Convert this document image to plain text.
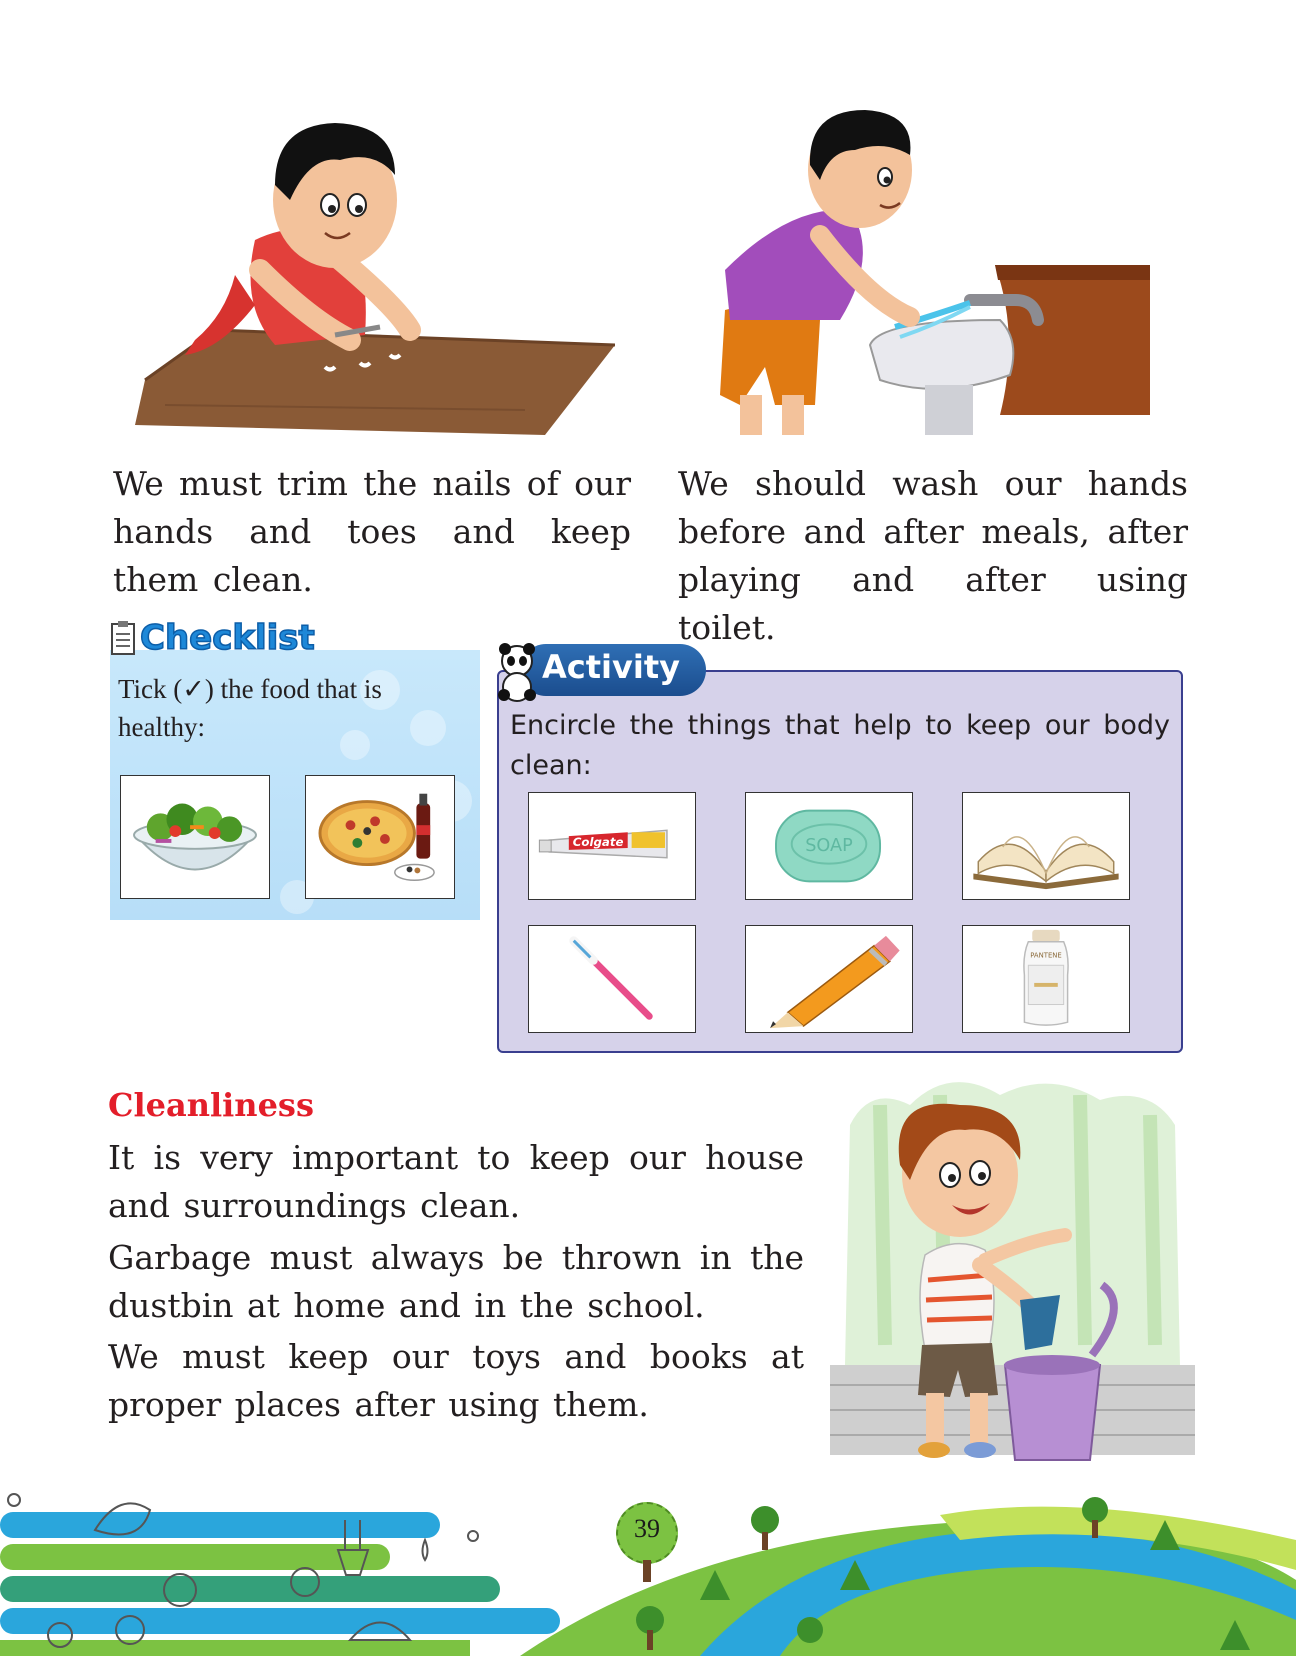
We must trim the nails of our hands and toes and keep them clean.

We should wash our hands before and after meals, after playing and after using toilet.

Checklist

Tick (✓) the food that is healthy:

Activity

Encircle the things that help to keep our body clean:

Colgate	SOAP
PANTENE
Cleanliness

It is very important to keep our house and surroundings clean.

Garbage must always be thrown in the dustbin at home and in the school.

We must keep our toys and books at proper places after using them.

39
